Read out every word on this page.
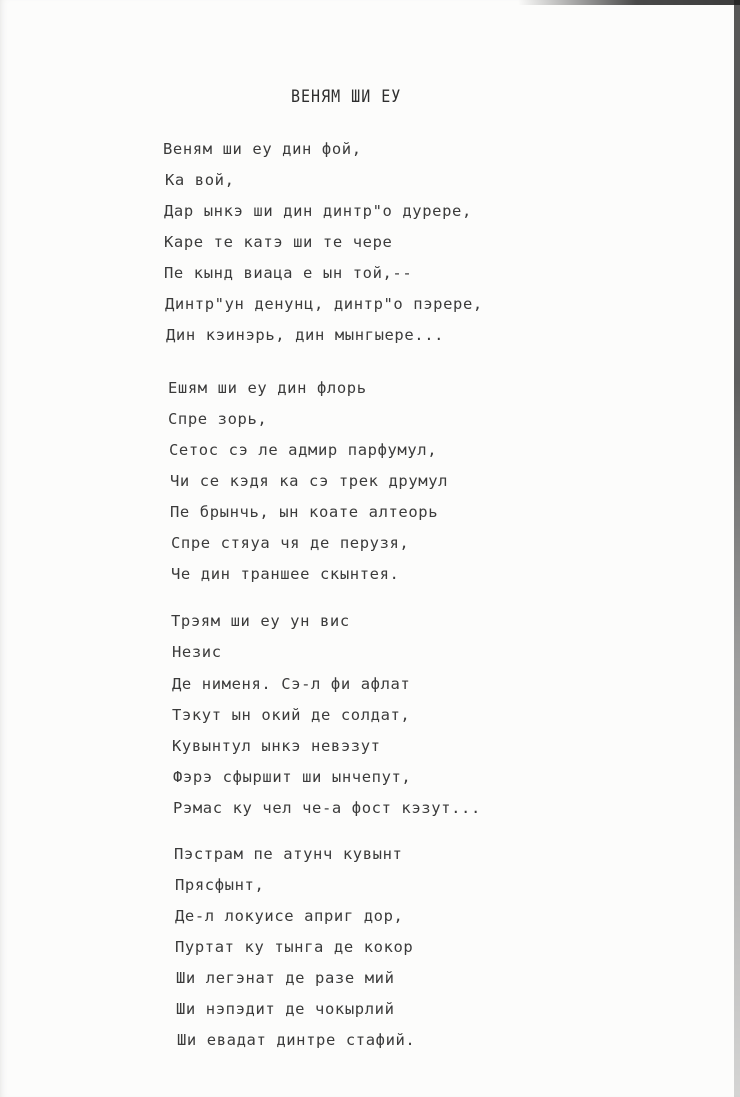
ВЕНЯМ ШИ ЕУ
Веням ши еу дин фой,
Ка вой,
Дар ынкэ ши дин динтр"о дурере,
Каре те катэ ши те чере
Пе кынд виаца е ын той,--
Динтр"ун денунц, динтр"о пэрере,
Дин кэинэрь, дин мынгыере...
Ешям ши еу дин флорь
Спре зорь,
Сетос сэ ле адмир парфумул,
Чи се кэдя ка сэ трек друмул
Пе брынчь, ын коате алтеорь
Спре стяуа чя де перузя,
Че дин траншее скынтея.
Трэям ши еу ун вис
Незис
Де нименя. Сэ-л фи афлат
Тэкут ын окий де солдат,
Кувынтул ынкэ невэзут
Фэрэ сфыршит ши ынчепут,
Рэмас ку чел че-а фост кэзут...
Пэстрам пе атунч кувынт
Прясфынт,
Де-л локуисе априг дор,
Пуртат ку тынга де кокор
Ши легэнат де разе мий
Ши нэпэдит де чокырлий
Ши евадат динтре стафий.
